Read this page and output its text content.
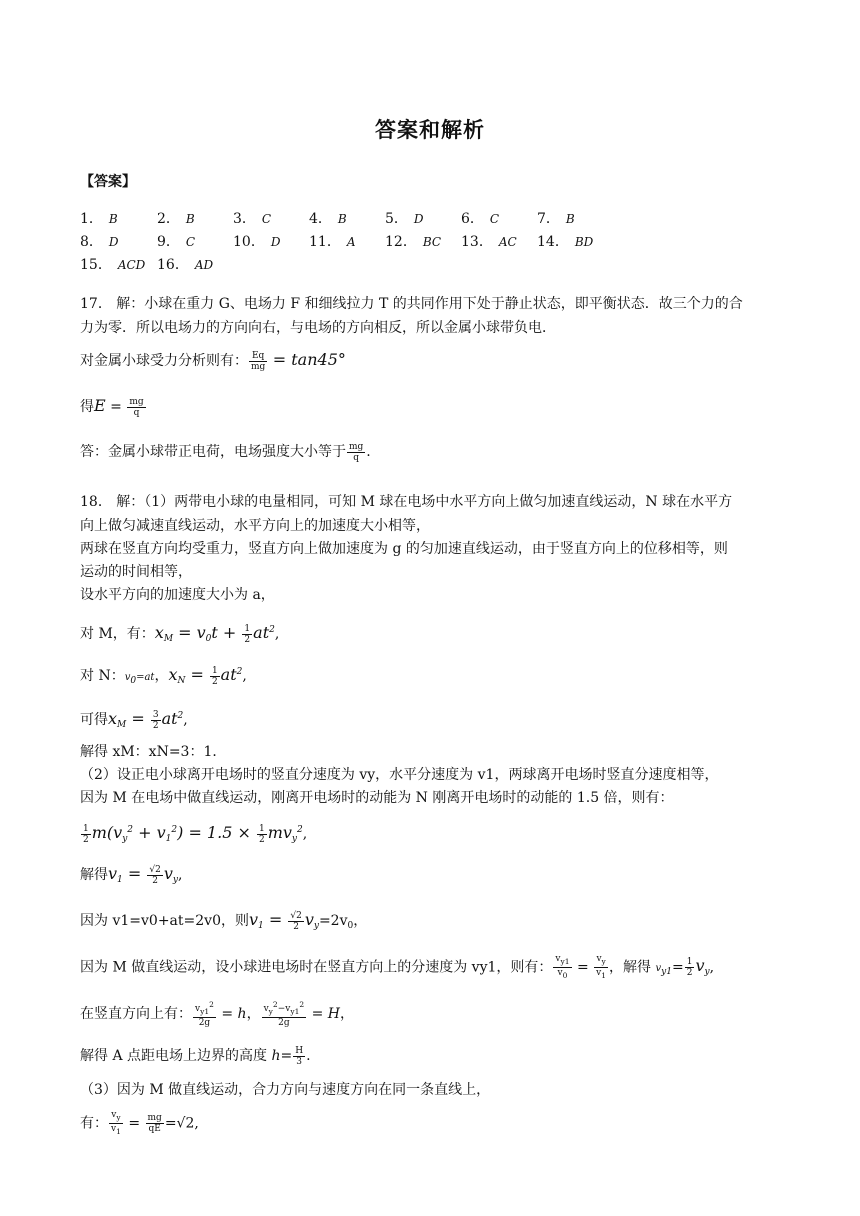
答案和解析
【答案】
1． B	2． B	3． C	4． B	5． D	6． C	7． B
8． D	9． C	10． D 11． A 12． BC 13． AC 14． BD
15． ACD 16． AD
17． 解：小球在重力 G、电场力 F 和细线拉力 T 的共同作用下处于静止状态，即平衡状态．故三个力的合
力为零．所以电场力的方向向右，与电场的方向相反，所以金属小球带负电．
对金属小球受力分析则有： $\frac{Eq}{mg} = \tan 45^\circ$
得$E = \frac{mg}{q}$
答：金属小球带正电荷，电场强度大小等于 $\frac{mg}{q}$ .
18． 解：（1）两带电小球的电量相同，可知 M 球在电场中水平方向上做匀加速直线运动，N 球在水平方
向上做匀减速直线运动，水平方向上的加速度大小相等，
两球在竖直方向均受重力，竖直方向上做加速度为 g 的匀加速直线运动，由于竖直方向上的位移相等，则
运动的时间相等，
设水平方向的加速度大小为 a，
对 M，有：$x_M = v_0t + \frac{1}{2} at^2$,
对 N：v0=at，$x_N = \frac{1}{2} at^2$,
可得$x_M = \frac{3}{2} at^2$,
解得 xM：xN=3：1．
（2）设正电小球离开电场时的竖直分速度为 vy，水平分速度为 v1，两球离开电场时竖直分速度相等，
因为 M 在电场中做直线运动，刚离开电场时的动能为 N 刚离开电场时的动能的 1.5 倍，则有：
$\frac{1}{2} m(v_y^2 + v_1^2) = 1.5 \times \frac{1}{2} mv_y^2$,
解得$v_1 = \frac{√2}{2} v_y$,
因为 v1=v0+at=2v0，则$v_1 = \frac{√2}{2} v_y=2v_0$，
因为 M 做直线运动，设小球进电场时在竖直方向上的分速度为 vy1，则有： $\frac{v_{y1}}{v_0} = \frac{v_y}{v_1}$ ，解得 $vy1= \frac{1}{2} v_y$,
在竖直方向上有： $\frac{v_{y1}^2}{2g} = h$， $\frac{v_y^2-v_{y1}^2}{2g} = H$，
解得 A 点距电场上边界的高度 $h= \frac{H}{3}$ .
（3）因为 M 做直线运动，合力方向与速度方向在同一条直线上，
有： $\frac{v_y}{v_1} = \frac{mg}{qE} =√2$,
